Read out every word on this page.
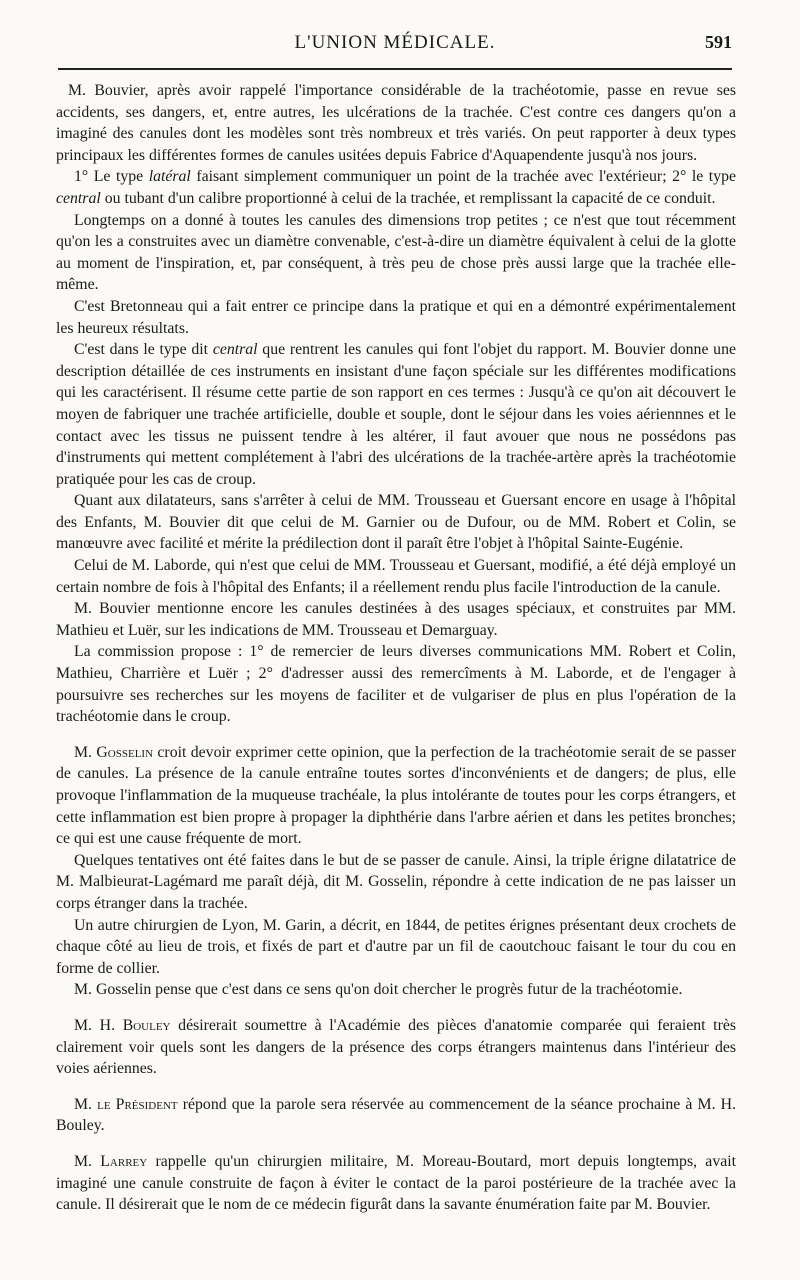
L'UNION MÉDICALE.	591

M. Bouvier, après avoir rappelé l'importance considérable de la trachéotomie, passe en revue ses accidents, ses dangers, et, entre autres, les ulcérations de la trachée. C'est contre ces dangers qu'on a imaginé des canules dont les modèles sont très nombreux et très variés. On peut rapporter à deux types principaux les différentes formes de canules usitées depuis Fabrice d'Aquapendente jusqu'à nos jours.

1° Le type latéral faisant simplement communiquer un point de la trachée avec l'extérieur; 2° le type central ou tubant d'un calibre proportionné à celui de la trachée, et remplissant la capacité de ce conduit.

Longtemps on a donné à toutes les canules des dimensions trop petites ; ce n'est que tout récemment qu'on les a construites avec un diamètre convenable, c'est-à-dire un diamètre équivalent à celui de la glotte au moment de l'inspiration, et, par conséquent, à très peu de chose près aussi large que la trachée elle-même.

C'est Bretonneau qui a fait entrer ce principe dans la pratique et qui en a démontré expérimentalement les heureux résultats.

C'est dans le type dit central que rentrent les canules qui font l'objet du rapport. M. Bouvier donne une description détaillée de ces instruments en insistant d'une façon spéciale sur les différentes modifications qui les caractérisent. Il résume cette partie de son rapport en ces termes : Jusqu'à ce qu'on ait découvert le moyen de fabriquer une trachée artificielle, double et souple, dont le séjour dans les voies aériennnes et le contact avec les tissus ne puissent tendre à les altérer, il faut avouer que nous ne possédons pas d'instruments qui mettent complétement à l'abri des ulcérations de la trachée-artère après la trachéotomie pratiquée pour les cas de croup.

Quant aux dilatateurs, sans s'arrêter à celui de MM. Trousseau et Guersant encore en usage à l'hôpital des Enfants, M. Bouvier dit que celui de M. Garnier ou de Dufour, ou de MM. Robert et Colin, se manœuvre avec facilité et mérite la prédilection dont il paraît être l'objet à l'hôpital Sainte-Eugénie.

Celui de M. Laborde, qui n'est que celui de MM. Trousseau et Guersant, modifié, a été déjà employé un certain nombre de fois à l'hôpital des Enfants; il a réellement rendu plus facile l'introduction de la canule.

M. Bouvier mentionne encore les canules destinées à des usages spéciaux, et construites par MM. Mathieu et Luër, sur les indications de MM. Trousseau et Demarguay.

La commission propose : 1° de remercier de leurs diverses communications MM. Robert et Colin, Mathieu, Charrière et Luër ; 2° d'adresser aussi des remercîments à M. Laborde, et de l'engager à poursuivre ses recherches sur les moyens de faciliter et de vulgariser de plus en plus l'opération de la trachéotomie dans le croup.

M. Gosselin croit devoir exprimer cette opinion, que la perfection de la trachéotomie serait de se passer de canules. La présence de la canule entraîne toutes sortes d'inconvénients et de dangers; de plus, elle provoque l'inflammation de la muqueuse trachéale, la plus intolérante de toutes pour les corps étrangers, et cette inflammation est bien propre à propager la diphthérie dans l'arbre aérien et dans les petites bronches; ce qui est une cause fréquente de mort.

Quelques tentatives ont été faites dans le but de se passer de canule. Ainsi, la triple érigne dilatatrice de M. Malbieurat-Lagémard me paraît déjà, dit M. Gosselin, répondre à cette indication de ne pas laisser un corps étranger dans la trachée.

Un autre chirurgien de Lyon, M. Garin, a décrit, en 1844, de petites érignes présentant deux crochets de chaque côté au lieu de trois, et fixés de part et d'autre par un fil de caoutchouc faisant le tour du cou en forme de collier.

M. Gosselin pense que c'est dans ce sens qu'on doit chercher le progrès futur de la trachéotomie.

M. H. Bouley désirerait soumettre à l'Académie des pièces d'anatomie comparée qui feraient très clairement voir quels sont les dangers de la présence des corps étrangers maintenus dans l'intérieur des voies aériennes.

M. le Président répond que la parole sera réservée au commencement de la séance prochaine à M. H. Bouley.

M. Larrey rappelle qu'un chirurgien militaire, M. Moreau-Boutard, mort depuis longtemps, avait imaginé une canule construite de façon à éviter le contact de la paroi postérieure de la trachée avec la canule. Il désirerait que le nom de ce médecin figurât dans la savante énumération faite par M. Bouvier.
